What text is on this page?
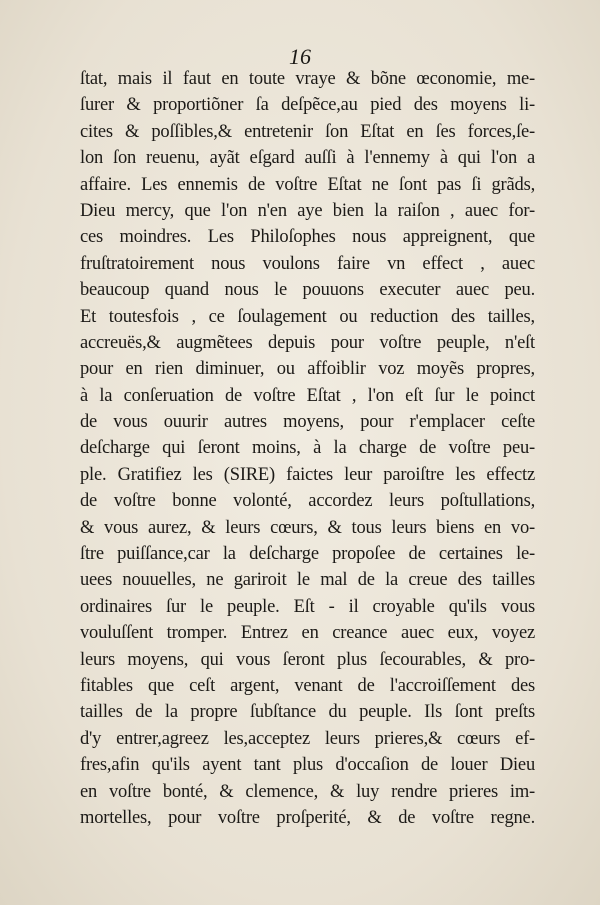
16
ſtat, mais il faut en toute vraye & bõne œconomie, me-
ſurer & proportiõner ſa deſpẽce,au pied des moyens li-
cites & poſſibles,& entretenir ſon Eſtat en ſes forces,ſe-
lon ſon reuenu, ayãt eſgard auſſi à l'ennemy à qui l'on a
affaire. Les ennemis de voſtre Eſtat ne ſont pas ſi grãds,
Dieu mercy, que l'on n'en aye bien la raiſon , auec for-
ces moindres. Les Philoſophes nous appreignent, que
fruſtratoirement nous voulons faire vn effect , auec
beaucoup quand nous le pouuons executer auec peu.
Et toutesfois , ce ſoulagement ou reduction des tailles,
accreuës,& augmẽtees depuis pour voſtre peuple, n'eſt
pour en rien diminuer, ou affoiblir voz moyẽs propres,
à la conſeruation de voſtre Eſtat , l'on eſt ſur le poinct
de vous ouurir autres moyens, pour r'emplacer ceſte
deſcharge qui ſeront moins, à la charge de voſtre peu-
ple. Gratifiez les (SIRE) faictes leur paroiſtre les effectz
de voſtre bonne volonté, accordez leurs poſtullations,
& vous aurez, & leurs cœurs, & tous leurs biens en vo-
ſtre puiſſance,car la deſcharge propoſee de certaines le-
uees nouuelles, ne gariroit le mal de la creue des tailles
ordinaires ſur le peuple. Eſt - il croyable qu'ils vous
vouluſſent tromper. Entrez en creance auec eux, voyez
leurs moyens, qui vous ſeront plus ſecourables, & pro-
fitables que ceſt argent, venant de l'accroiſſement des
tailles de la propre ſubſtance du peuple. Ils ſont preſts
d'y entrer,agreez les,acceptez leurs prieres,& cœurs ef-
fres,afin qu'ils ayent tant plus d'occaſion de louer Dieu
en voſtre bonté, & clemence, & luy rendre prieres im-
mortelles, pour voſtre proſperité, & de voſtre regne.
